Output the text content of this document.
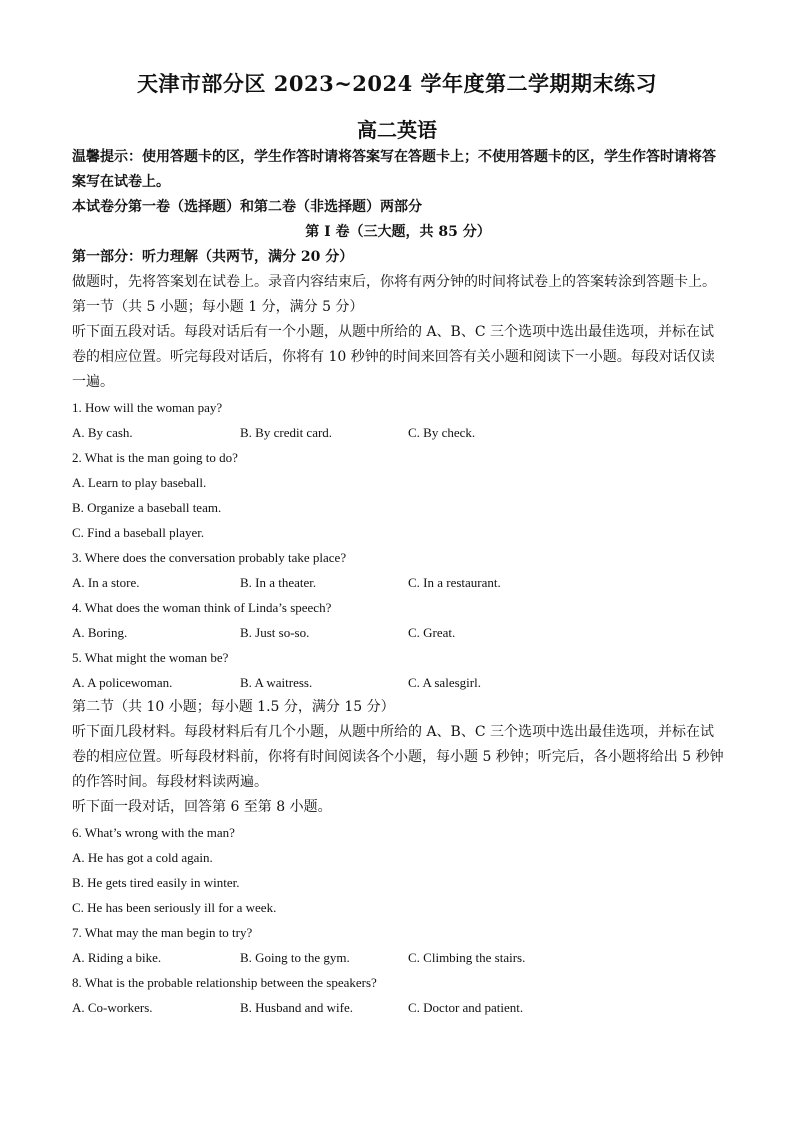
天津市部分区 2023~2024 学年度第二学期期末练习
高二英语
温馨提示：使用答题卡的区，学生作答时请将答案写在答题卡上；不使用答题卡的区，学生作答时请将答案写在试卷上。
本试卷分第一卷（选择题）和第二卷（非选择题）两部分
第 I 卷（三大题，共 85 分）
第一部分：听力理解（共两节，满分 20 分）
做题时，先将答案划在试卷上。录音内容结束后，你将有两分钟的时间将试卷上的答案转涂到答题卡上。
第一节（共 5 小题；每小题 1 分，满分 5 分）
听下面五段对话。每段对话后有一个小题，从题中所给的 A、B、C 三个选项中选出最佳选项，并标在试卷的相应位置。听完每段对话后，你将有 10 秒钟的时间来回答有关小题和阅读下一小题。每段对话仅读一遍。
1. How will the woman pay?
A. By cash.	B. By credit card.	C. By check.
2. What is the man going to do?
A. Learn to play baseball.
B. Organize a baseball team.
C. Find a baseball player.
3. Where does the conversation probably take place?
A. In a store.	B. In a theater.	C. In a restaurant.
4. What does the woman think of Linda’s speech?
A. Boring.	B. Just so-so.	C. Great.
5. What might the woman be?
A. A policewoman.	B. A waitress.	C. A salesgirl.
第二节（共 10 小题；每小题 1.5 分，满分 15 分）
听下面几段材料。每段材料后有几个小题，从题中所给的 A、B、C 三个选项中选出最佳选项，并标在试卷的相应位置。听每段材料前，你将有时间阅读各个小题，每小题 5 秒钟；听完后，各小题将给出 5 秒钟的作答时间。每段材料读两遍。
听下面一段对话，回答第 6 至第 8 小题。
6. What’s wrong with the man?
A. He has got a cold again.
B. He gets tired easily in winter.
C. He has been seriously ill for a week.
7. What may the man begin to try?
A. Riding a bike.	B. Going to the gym.	C. Climbing the stairs.
8. What is the probable relationship between the speakers?
A. Co-workers.	B. Husband and wife.	C. Doctor and patient.
